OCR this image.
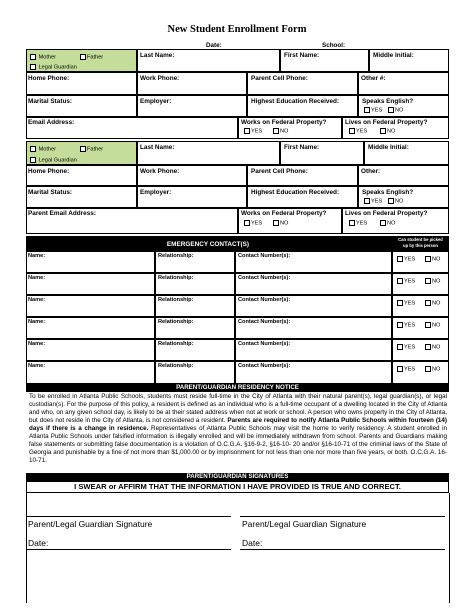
New Student Enrollment Form
Date:	School:
Mother	Father
Legal Guardian
Last Name:	First Name:	Middle Initial:
Home Phone:	Work Phone:	Parent Cell Phone:	Other #:
Marital Status:	Employer:	Highest Education Received:	Speaks English?
YES	NO
Email Address:	Works on Federal Property?
YES	NO
Lives on Federal Property?
YES	NO
Mother	Father
Legal Guardian
Last Name:	First Name:	Middle Initial:
Home Phone:	Work Phone:	Parent Cell Phone:	Other:
Marital Status:	Employer:	Highest Education Received:	Speaks English?
YES	NO
Parent Email Address:	Works on Federal Property?
YES	NO
Lives on Federal Property?
YES	NO
EMERGENCY CONTACT(S)
Can student be picked
up by this person
Name:	Relationship:	Contact Number(s):
YES	NO
Name:	Relationship:	Contact Number(s):
YES	NO
Name:	Relationship:	Contact Number(s):
YES	NO
Name:	Relationship:	Contact Number(s):
YES	NO
Name:	Relationship:	Contact Number(s):
YES	NO
Name:	Relationship:	Contact Number(s):
YES	NO
PARENT/GUARDIAN RESIDENCY NOTICE
To be enrolled in Atlanta Public Schools, students must reside full-time in the City of Atlanta with their natural parent(s), legal guardian(s), or legal custodian(s). For the purpose of this policy, a resident is defined as an individual who is a full-time occupant of a dwelling located in the City of Atlanta and who, on any given school day, is likely to be at their stated address when not at work or school. A person who owns property in the City of Atlanta, but does not reside in the City of Atlanta, is not considered a resident. Parents are required to notify Atlanta Public Schools within fourteen (14) days if there is a change in residence. Representatives of Atlanta Public Schools may visit the home to verify residency. A student enrolled in Atlanta Public Schools under falsified information is illegally enrolled and will be immediately withdrawn from school. Parents and Guardians making false statements or submitting false documentation is a violation of O.C.G.A. §16-9-2, §16-10- 20 and/or §16-10-71 of the criminal laws of the State of Georgia and punishable by a fine of not more than $1,000.00 or by imprisonment for not less than one nor more than five years, or both. O.C.G.A. 16-10-71.
PARENT/GUARDIAN SIGNATURES
I SWEAR or AFFIRM THAT THE INFORMATION I HAVE PROVIDED IS TRUE AND CORRECT.
Parent/Legal Guardian Signature	Parent/Legal Guardian Signature
Date:	Date:
